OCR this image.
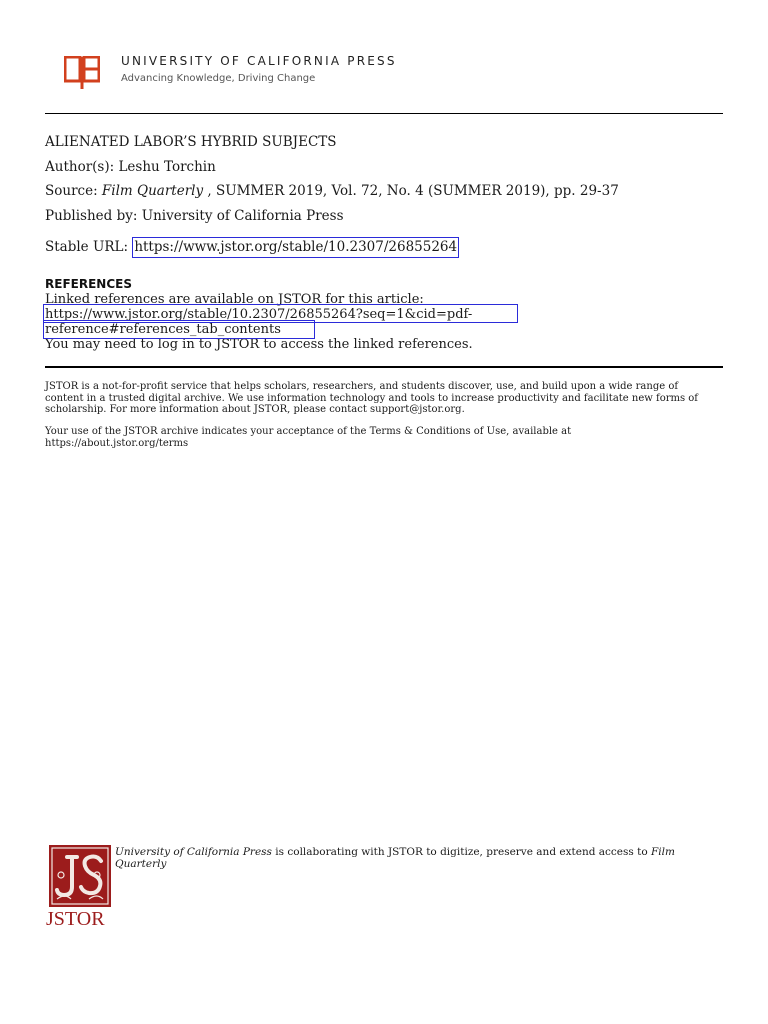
UNIVERSITY OF CALIFORNIA PRESS
Advancing Knowledge, Driving Change
ALIENATED LABOR’S HYBRID SUBJECTS
Author(s): Leshu Torchin
Source: Film Quarterly , SUMMER 2019, Vol. 72, No. 4 (SUMMER 2019), pp. 29-37
Published by: University of California Press
Stable URL: https://www.jstor.org/stable/10.2307/26855264
REFERENCES
Linked references are available on JSTOR for this article:
https://www.jstor.org/stable/10.2307/26855264?seq=1&cid=pdf-
reference#references_tab_contents
You may need to log in to JSTOR to access the linked references.
JSTOR is a not-for-profit service that helps scholars, researchers, and students discover, use, and build upon a wide range of content in a trusted digital archive. We use information technology and tools to increase productivity and facilitate new forms of scholarship. For more information about JSTOR, please contact support@jstor.org.
Your use of the JSTOR archive indicates your acceptance of the Terms & Conditions of Use, available at https://about.jstor.org/terms
JSTOR
University of California Press is collaborating with JSTOR to digitize, preserve and extend access to Film Quarterly
